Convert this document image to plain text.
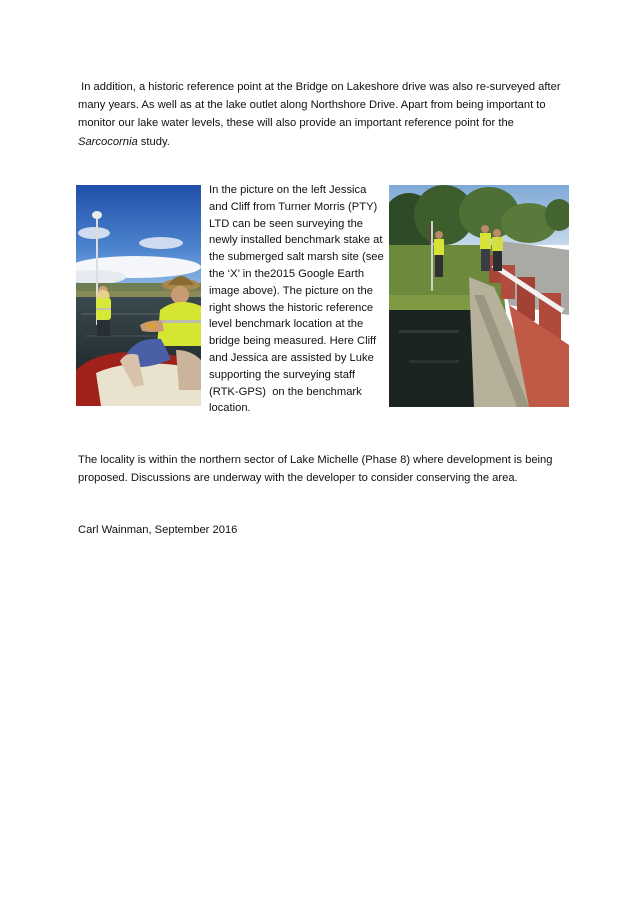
In addition, a historic reference point at the Bridge on Lakeshore drive was also re-surveyed after
many years. As well as at the lake outlet along Northshore Drive. Apart from being important to
monitor our lake water levels, these will also provide an important reference point for the
Sarcocornia study.
In the picture on the left Jessica
and Cliff from Turner Morris (PTY)
LTD can be seen surveying the
newly installed benchmark stake at
the submerged salt marsh site (see
the ‘X’ in the2015 Google Earth
image above). The picture on the
right shows the historic reference
level benchmark location at the
bridge being measured. Here Cliff
and Jessica are assisted by Luke
supporting the surveying staff
(RTK-GPS)  on the benchmark
location.
The locality is within the northern sector of Lake Michelle (Phase 8) where development is being
proposed. Discussions are underway with the developer to consider conserving the area.
Carl Wainman, September 2016
